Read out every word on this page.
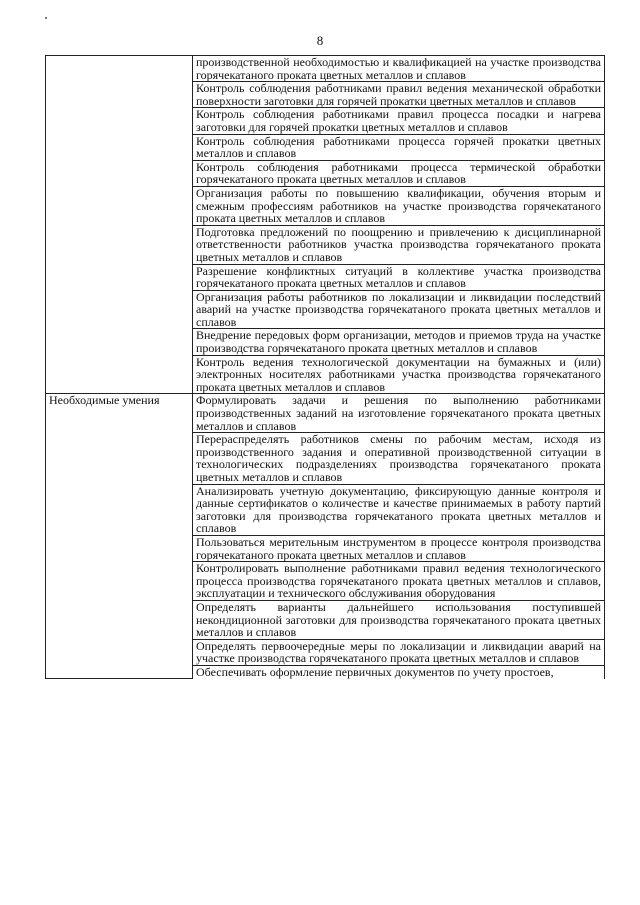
8
	производственной необходимостью и квалификацией на участке производства горячекатаного проката цветных металлов и сплавов
	Контроль соблюдения работниками правил ведения механической обработки поверхности заготовки для горячей прокатки цветных металлов и сплавов
	Контроль соблюдения работниками правил процесса посадки и нагрева заготовки для горячей прокатки цветных металлов и сплавов
	Контроль соблюдения работниками процесса горячей прокатки цветных металлов и сплавов
	Контроль соблюдения работниками процесса термической обработки горячекатаного проката цветных металлов и сплавов
	Организация работы по повышению квалификации, обучения вторым и смежным профессиям работников на участке производства горячекатаного проката цветных металлов и сплавов
	Подготовка предложений по поощрению и привлечению к дисциплинарной ответственности работников участка производства горячекатаного проката цветных металлов и сплавов
	Разрешение конфликтных ситуаций в коллективе участка производства горячекатаного проката цветных металлов и сплавов
	Организация работы работников по локализации и ликвидации последствий аварий на участке производства горячекатаного проката цветных металлов и сплавов
	Внедрение передовых форм организации, методов и приемов труда на участке производства горячекатаного проката цветных металлов и сплавов
	Контроль ведения технологической документации на бумажных и (или) электронных носителях работниками участка производства горячекатаного проката цветных металлов и сплавов
Необходимые умения	Формулировать задачи и решения по выполнению работниками производственных заданий на изготовление горячекатаного проката цветных металлов и сплавов
	Перераспределять работников смены по рабочим местам, исходя из производственного задания и оперативной производственной ситуации в технологических подразделениях производства горячекатаного проката цветных металлов и сплавов
	Анализировать учетную документацию, фиксирующую данные контроля и данные сертификатов о количестве и качестве принимаемых в работу партий заготовки для производства горячекатаного проката цветных металлов и сплавов
	Пользоваться мерительным инструментом в процессе контроля производства горячекатаного проката цветных металлов и сплавов
	Контролировать выполнение работниками правил ведения технологического процесса производства горячекатаного проката цветных металлов и сплавов, эксплуатации и технического обслуживания оборудования
	Определять варианты дальнейшего использования поступившей некондиционной заготовки для производства горячекатаного проката цветных металлов и сплавов
	Определять первоочередные меры по локализации и ликвидации аварий на участке производства горячекатаного проката цветных металлов и сплавов

	Обеспечивать оформление первичных документов по учету простоев,
